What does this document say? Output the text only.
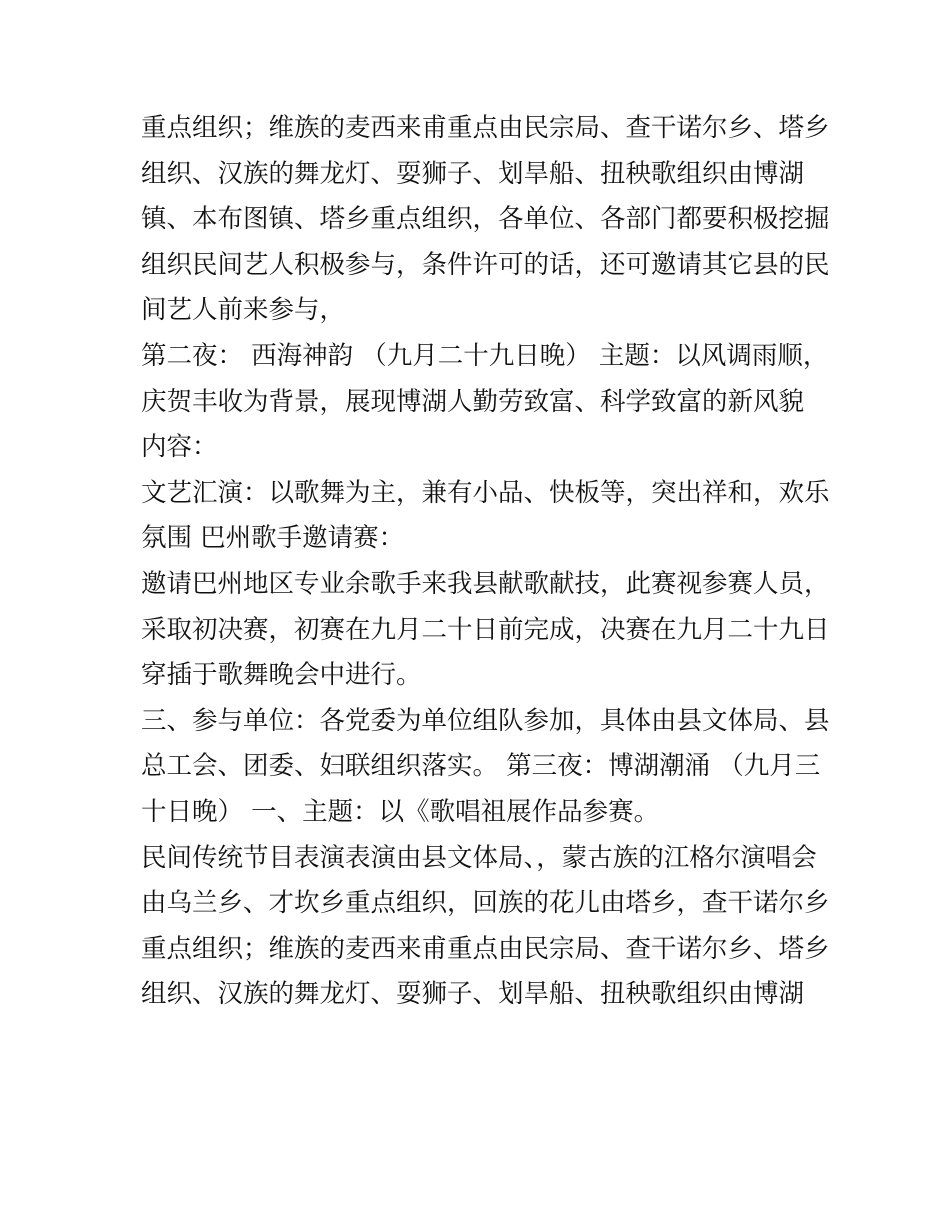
重点组织；维族的麦西来甫重点由民宗局、查干诺尔乡、塔乡
组织、汉族的舞龙灯、耍狮子、划旱船、扭秧歌组织由博湖
镇、本布图镇、塔乡重点组织，各单位、各部门都要积极挖掘
组织民间艺人积极参与，条件许可的话，还可邀请其它县的民
间艺人前来参与，
第二夜： 西海神韵 （九月二十九日晚） 主题：以风调雨顺，
庆贺丰收为背景，展现博湖人勤劳致富、科学致富的新风貌
内容：
文艺汇演：以歌舞为主，兼有小品、快板等，突出祥和，欢乐
氛围 巴州歌手邀请赛：
邀请巴州地区专业余歌手来我县献歌献技，此赛视参赛人员，
采取初决赛，初赛在九月二十日前完成，决赛在九月二十九日
穿插于歌舞晚会中进行。
三、参与单位：各党委为单位组队参加，具体由县文体局、县
总工会、团委、妇联组织落实。 第三夜：博湖潮涌 （九月三
十日晚） 一、主题：以《歌唱祖展作品参赛。
民间传统节目表演表演由县文体局、，蒙古族的江格尔演唱会
由乌兰乡、才坎乡重点组织，回族的花儿由塔乡，查干诺尔乡
重点组织；维族的麦西来甫重点由民宗局、查干诺尔乡、塔乡
组织、汉族的舞龙灯、耍狮子、划旱船、扭秧歌组织由博湖
